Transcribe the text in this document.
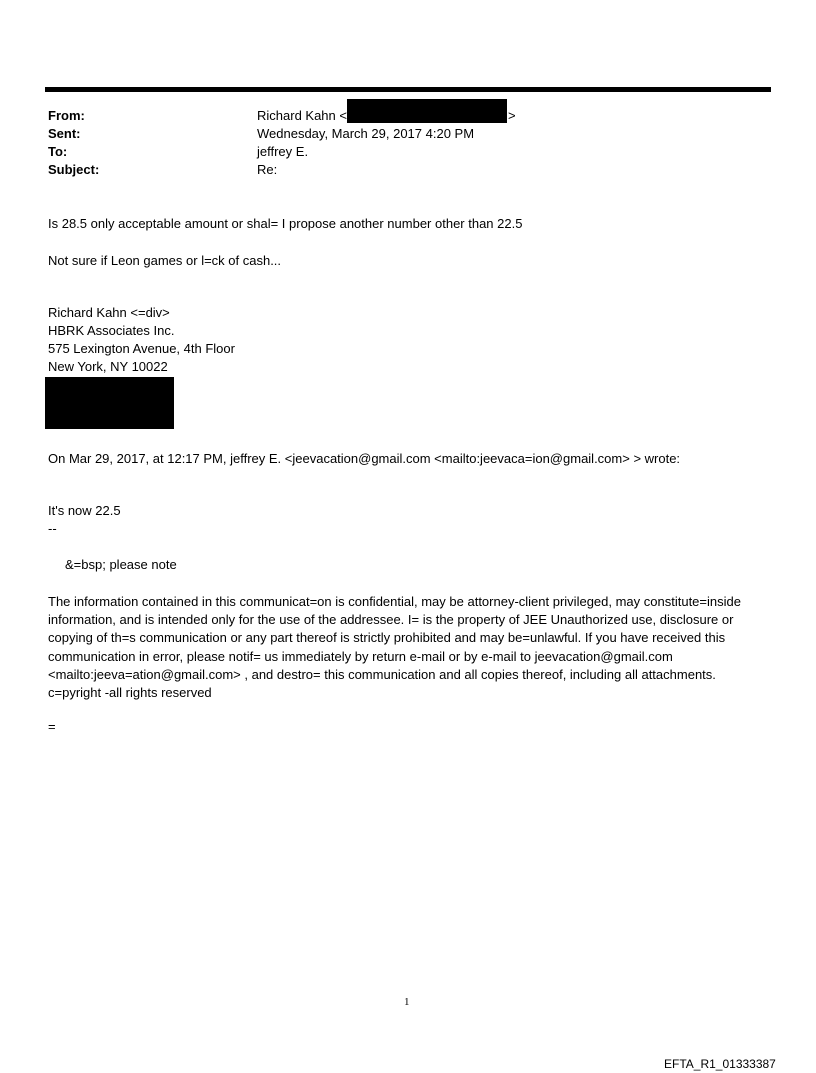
From:	Richard Kahn <	>
Sent:	Wednesday, March 29, 2017 4:20 PM
To:	jeffrey E.
Subject:	Re:
Is 28.5 only acceptable amount or shal= I propose another number other than 22.5
Not sure if Leon games or l=ck of cash...
Richard Kahn <=div>
HBRK Associates Inc.
575 Lexington Avenue, 4th Floor
New York, NY 10022
On Mar 29, 2017, at 12:17 PM, jeffrey E. <jeevacation@gmail.com <mailto:jeevaca=ion@gmail.com> > wrote:
It's now 22.5
--
&=bsp; please note
The information contained in this communicat=on is confidential, may be attorney-client privileged, may constitute=inside information, and is intended only for the use of the addressee. I= is the property of JEE Unauthorized use, disclosure or copying of th=s communication or any part thereof is strictly prohibited and may be=unlawful. If you have received this communication in error, please notif= us immediately by return e-mail or by e-mail to jeevacation@gmail.com <mailto:jeeva=ation@gmail.com> , and destro= this communication and all copies thereof, including all attachments. c=pyright -all rights reserved
=
1
EFTA_R1_01333387
